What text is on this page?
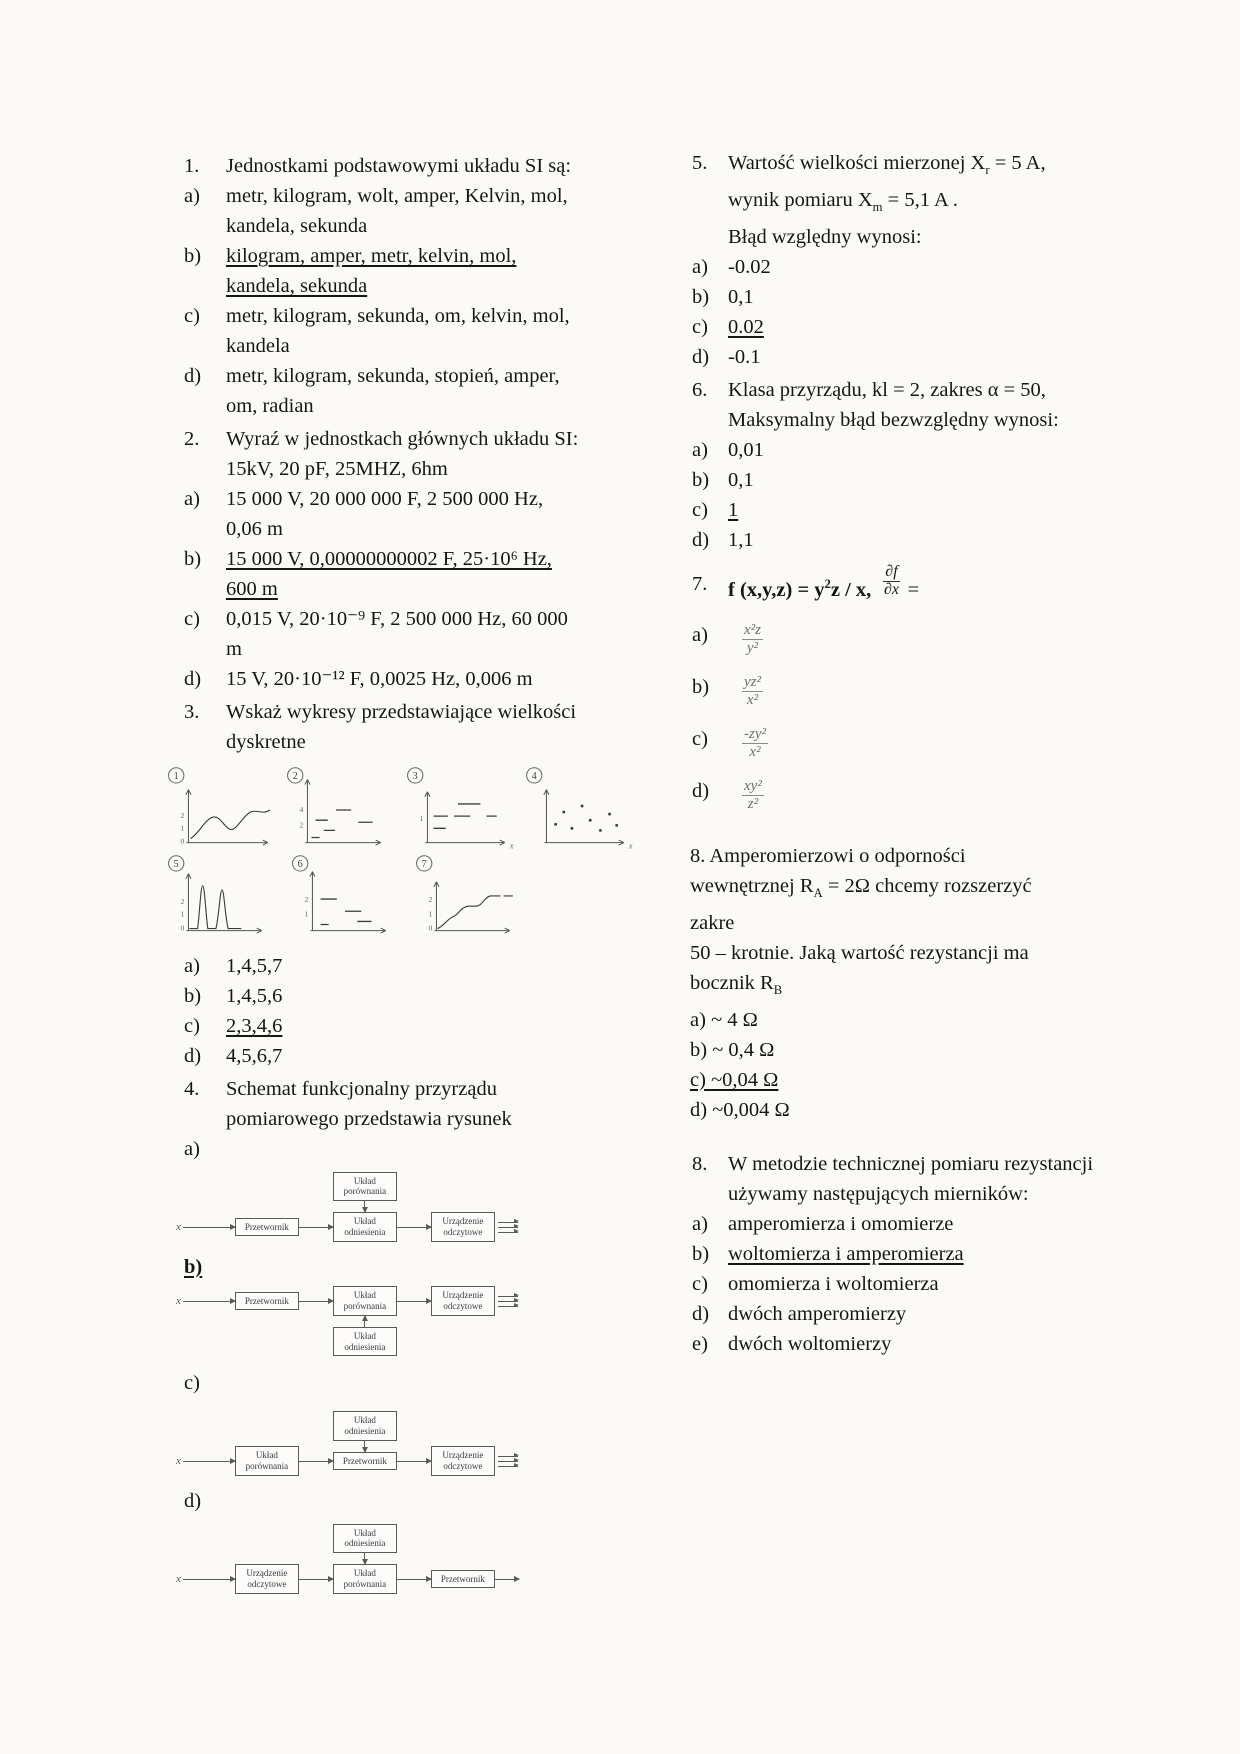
1.	Jednostkami podstawowymi układu SI są:
a)	metr, kilogram, wolt, amper, Kelvin, mol, kandela, sekunda
b)	kilogram, amper, metr, kelvin, mol, kandela, sekunda
c)	metr, kilogram, sekunda, om, kelvin, mol, kandela
d)	metr, kilogram, sekunda, stopień, amper, om, radian
2.	Wyraź w jednostkach głównych układu SI: 15kV, 20 pF, 25MHZ, 6hm
a)	15 000 V, 20 000 000 F, 2 500 000 Hz, 0,06 m
b)	15 000 V, 0,00000000002 F, 25·10⁶ Hz, 600 m
c)	0,015 V, 20·10⁻⁹ F, 2 500 000 Hz, 60 000 m
d)	15 V, 20·10⁻¹² F, 0,0025 Hz, 0,006 m
3.	Wskaż wykresy przedstawiające wielkości dyskretne
1
2
1
0
2
4
2
3
1
x
4
x
5
2
1
0
6
2
1
7
2
1
0
a)	1,4,5,7
b)	1,4,5,6
c)	2,3,4,6
d)	4,5,6,7
4.	Schemat funkcjonalny przyrządu pomiarowego przedstawia rysunek
a)
x	Przetwornik
Układ porównania
Układ odniesienia
Urządzenie odczytowe
b)
x	Przetwornik
Układ porównania
Układ odniesienia
Urządzenie odczytowe
c)
x	Układ porównania
Układ odniesienia
Przetwornik
Urządzenie odczytowe
d)
x	Urządzenie odczytowe
Układ odniesienia
Układ porównania
Przetwornik
5.	Wartość wielkości mierzonej $X_r = 5$ A, wynik pomiaru $X_m = 5,1$ A .
Błąd względny wynosi:
a) -0.02
b) 0,1
c) 0.02
d) -0.1
6.	Klasa przyrządu, kl = 2, zakres α = 50, Maksymalny błąd bezwzględny wynosi:
a) 0,01
b) 0,1
c) 1
d) 1,1
7.	f $(x,y,z) = y^2z / x$, $\frac{\partial f}{\partial x}$ =
a)	$\frac{\text{x²z}}{\text{y²}}$
b)	$\frac{\text{yz²}}{\text{x²}}$
c)	$\frac{\text{-zy²}}{\text{x²}}$
d)	$\frac{\text{xy²}}{\text{z²}}$

8. Amperomierzowi o odporności wewnętrznej $R_A = 2\Omega$ chcemy rozszerzyć zakre

50 – krotnie. Jaką wartość rezystancji ma bocznik $R_B$

a) ~ 4 Ω

b) ~ 0,4 Ω

c) ~0,04 Ω

d) ~0,004 Ω

8.	W metodzie technicznej pomiaru rezystancji używamy następujących mierników:
a) amperomierza i omomierze
b) woltomierza i amperomierza
c) omomierza i woltomierza
d) dwóch amperomierzy
e) dwóch woltomierzy
